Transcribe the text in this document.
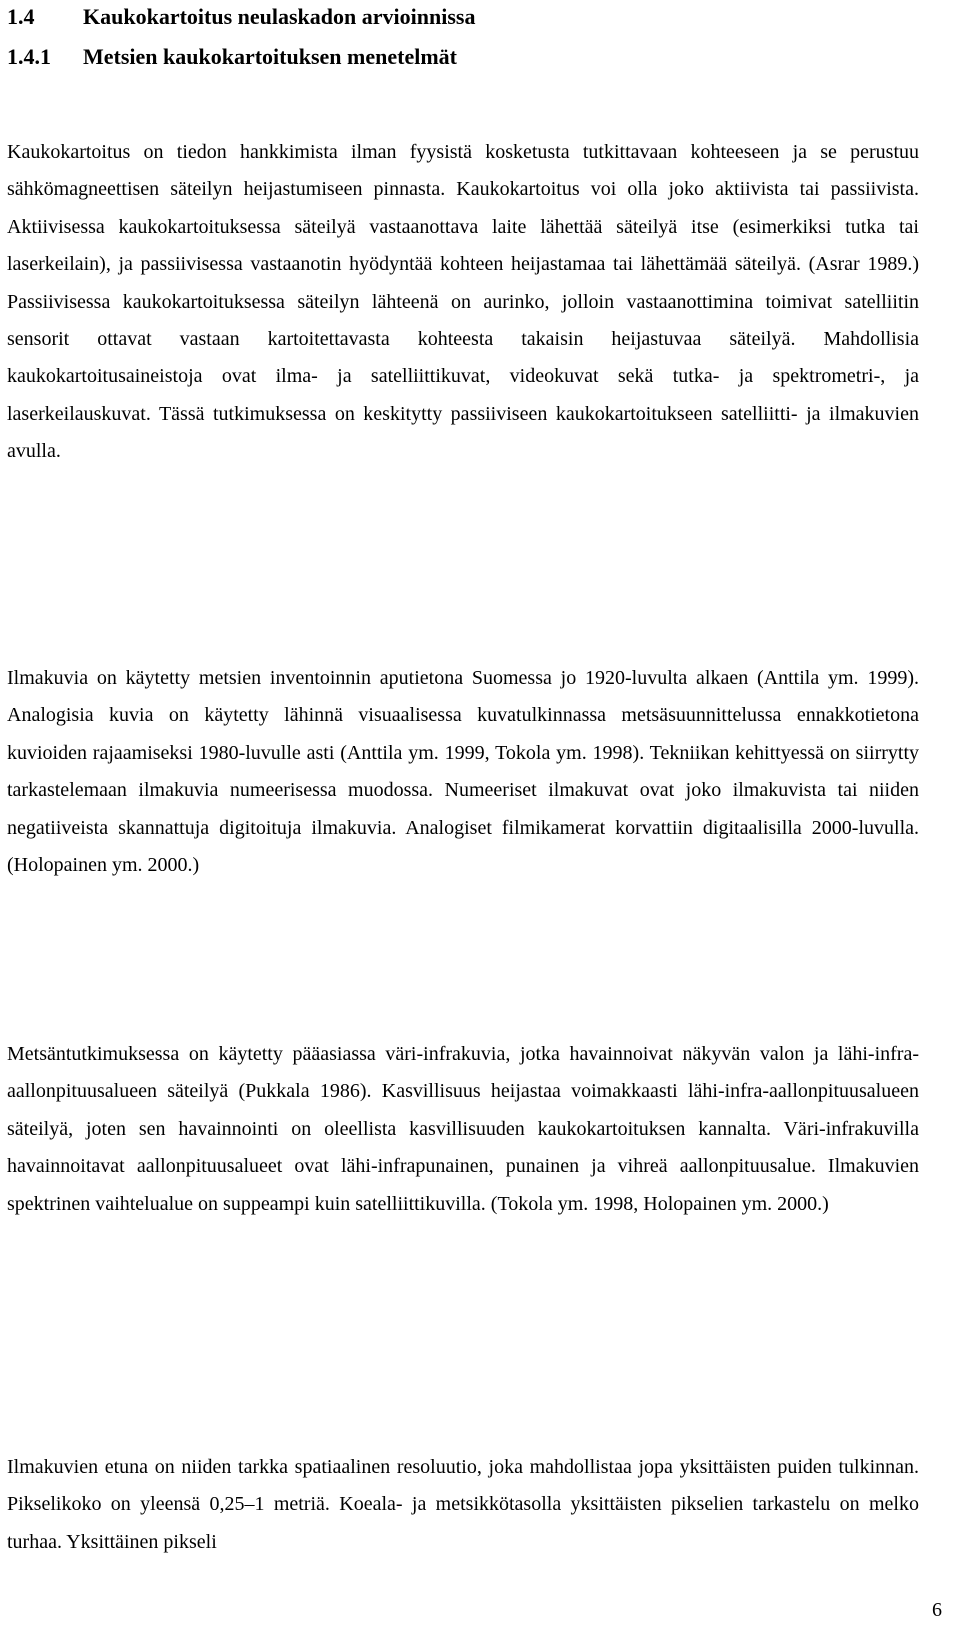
1.4 Kaukokartoitus neulaskadon arvioinnissa
1.4.1 Metsien kaukokartoituksen menetelmät

Kaukokartoitus on tiedon hankkimista ilman fyysistä kosketusta tutkittavaan kohteeseen ja se perustuu sähkömagneettisen säteilyn heijastumiseen pinnasta. Kaukokartoitus voi olla joko aktiivista tai passiivista. Aktiivisessa kaukokartoituksessa säteilyä vastaanottava laite lähettää säteilyä itse (esimerkiksi tutka tai laserkeilain), ja passiivisessa vastaanotin hyödyntää kohteen heijastamaa tai lähettämää säteilyä. (Asrar 1989.) Passiivisessa kaukokartoituksessa säteilyn lähteenä on aurinko, jolloin vastaanottimina toimivat satelliitin sensorit ottavat vastaan kartoitettavasta kohteesta takaisin heijastuvaa säteilyä. Mahdollisia kaukokartoitusaineistoja ovat ilma- ja satelliittikuvat, videokuvat sekä tutka- ja spektrometri-, ja laserkeilauskuvat. Tässä tutkimuksessa on keskitytty passiiviseen kaukokartoitukseen satelliitti- ja ilmakuvien avulla.

Ilmakuvia on käytetty metsien inventoinnin aputietona Suomessa jo 1920-luvulta alkaen (Anttila ym. 1999). Analogisia kuvia on käytetty lähinnä visuaalisessa kuvatulkinnassa metsäsuunnittelussa ennakkotietona kuvioiden rajaamiseksi 1980-luvulle asti (Anttila ym. 1999, Tokola ym. 1998). Tekniikan kehittyessä on siirrytty tarkastelemaan ilmakuvia numeerisessa muodossa. Numeeriset ilmakuvat ovat joko ilmakuvista tai niiden negatiiveista skannattuja digitoituja ilmakuvia. Analogiset filmikamerat korvattiin digitaalisilla 2000-luvulla. (Holopainen ym. 2000.)

Metsäntutkimuksessa on käytetty pääasiassa väri-infrakuvia, jotka havainnoivat näkyvän valon ja lähi-infra-aallonpituusalueen säteilyä (Pukkala 1986). Kasvillisuus heijastaa voimakkaasti lähi-infra-aallonpituusalueen säteilyä, joten sen havainnointi on oleellista kasvillisuuden kaukokartoituksen kannalta. Väri-infrakuvilla havainnoitavat aallonpituusalueet ovat lähi-infrapunainen, punainen ja vihreä aallonpituusalue. Ilmakuvien spektrinen vaihtelualue on suppeampi kuin satelliittikuvilla. (Tokola ym. 1998, Holopainen ym. 2000.)

Ilmakuvien etuna on niiden tarkka spatiaalinen resoluutio, joka mahdollistaa jopa yksittäisten puiden tulkinnan. Pikselikoko on yleensä 0,25–1 metriä. Koeala- ja metsikkötasolla yksittäisten pikselien tarkastelu on melko turhaa. Yksittäinen pikseli

6
